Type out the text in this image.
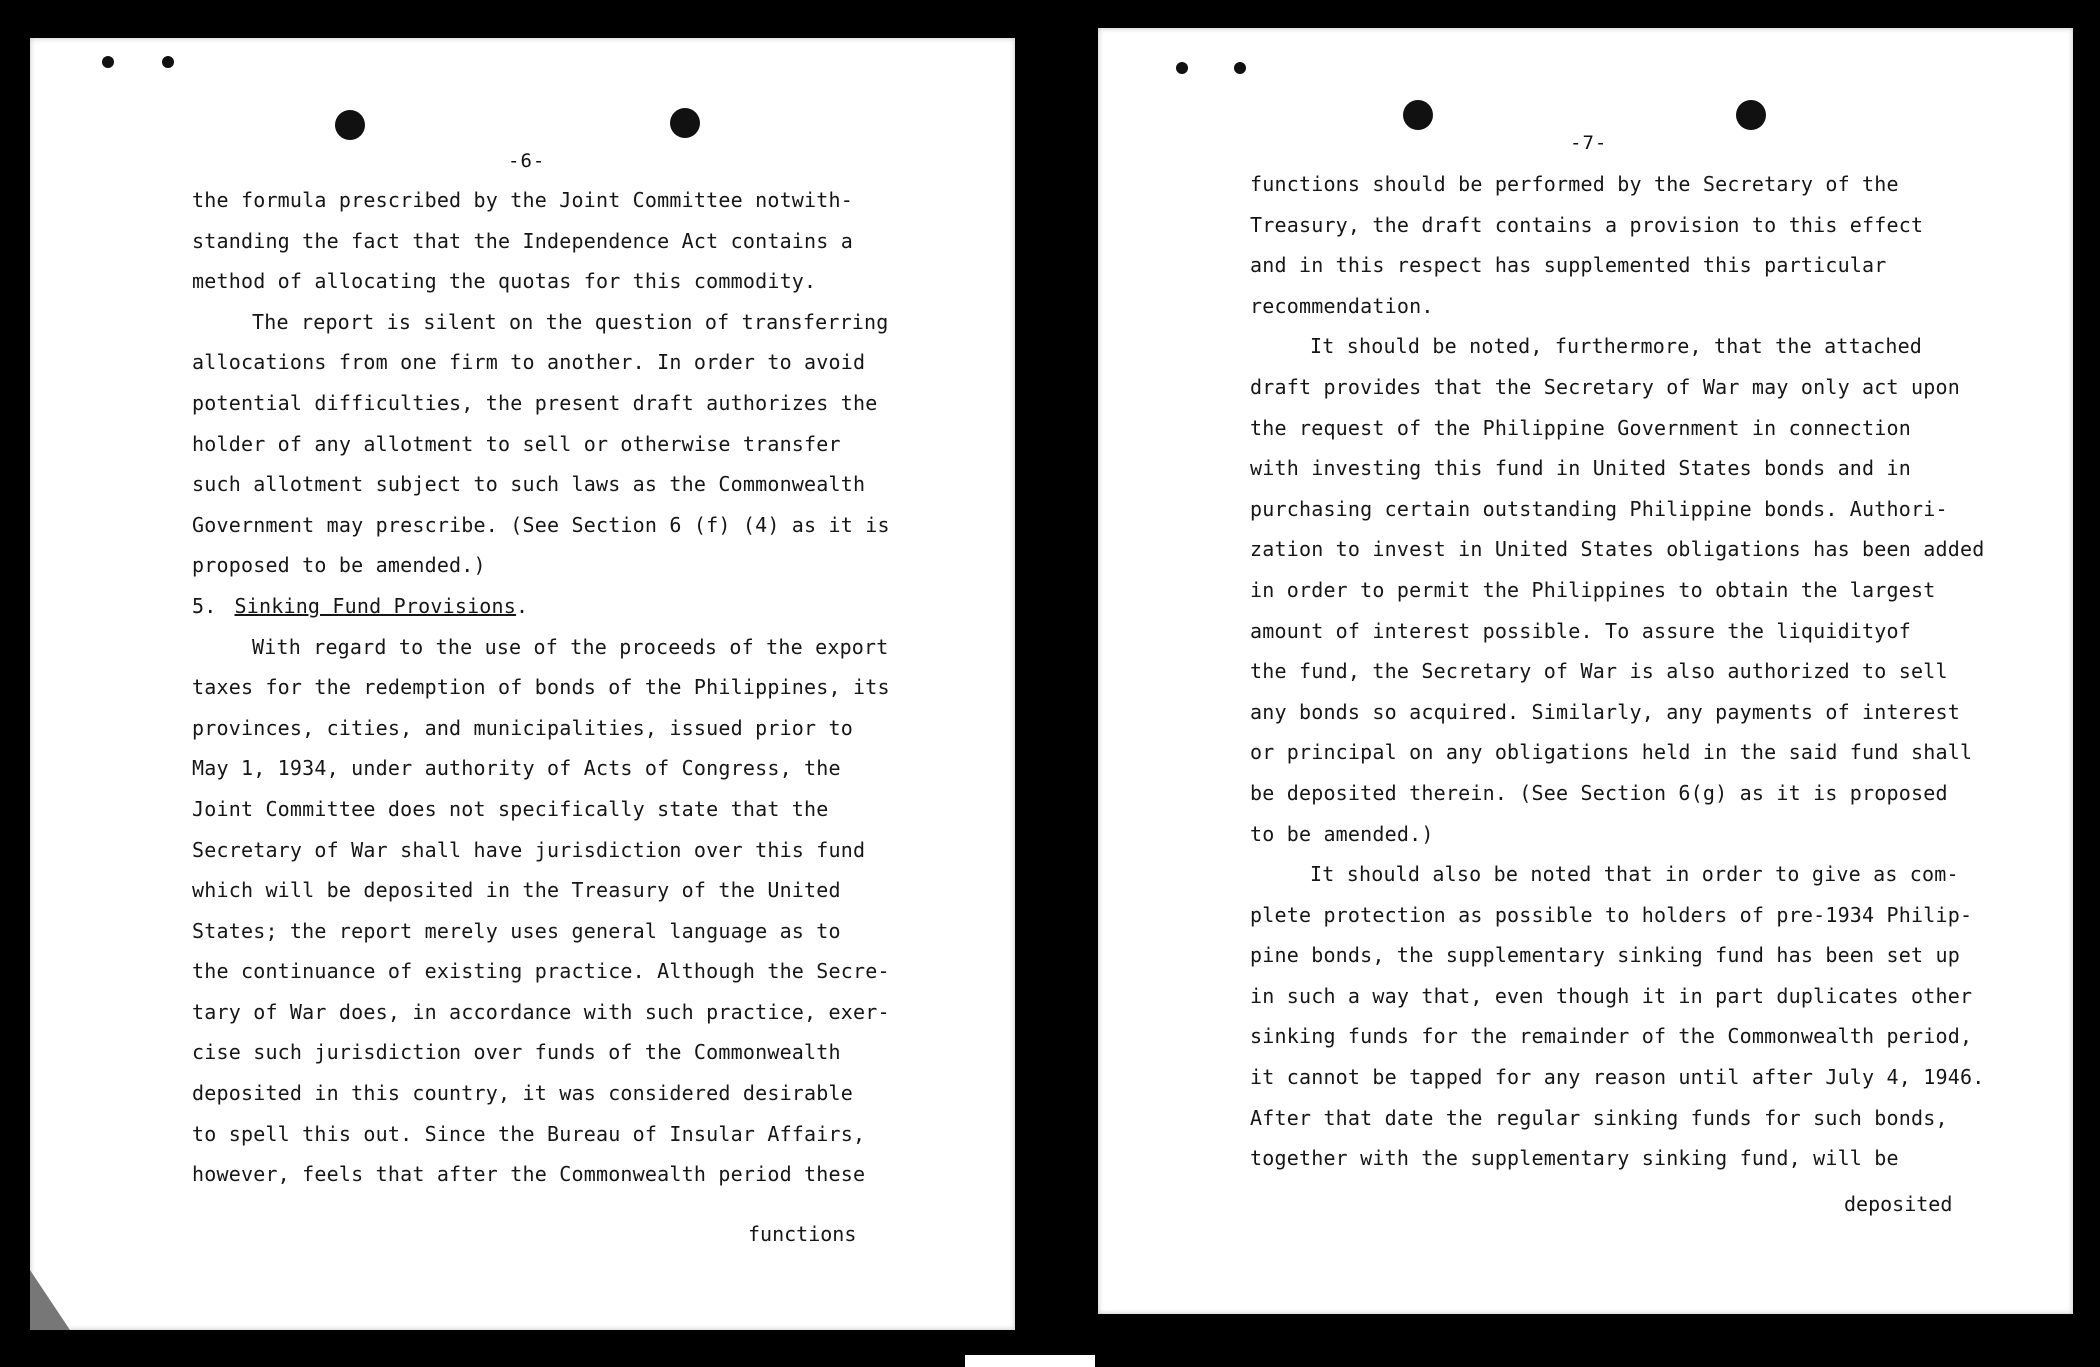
-6-
the formula prescribed by the Joint Committee notwith-
standing the fact that the Independence Act contains a
method of allocating the quotas for this commodity.
The report is silent on the question of transferring
allocations from one firm to another. In order to avoid
potential difficulties, the present draft authorizes the
holder of any allotment to sell or otherwise transfer
such allotment subject to such laws as the Commonwealth
Government may prescribe. (See Section 6 (f) (4) as it is
proposed to be amended.)
5. Sinking Fund Provisions.
With regard to the use of the proceeds of the export
taxes for the redemption of bonds of the Philippines, its
provinces, cities, and municipalities, issued prior to
May 1, 1934, under authority of Acts of Congress, the
Joint Committee does not specifically state that the
Secretary of War shall have jurisdiction over this fund
which will be deposited in the Treasury of the United
States; the report merely uses general language as to
the continuance of existing practice. Although the Secre-
tary of War does, in accordance with such practice, exer-
cise such jurisdiction over funds of the Commonwealth
deposited in this country, it was considered desirable
to spell this out. Since the Bureau of Insular Affairs,
however, feels that after the Commonwealth period these
functions
-7-
functions should be performed by the Secretary of the
Treasury, the draft contains a provision to this effect
and in this respect has supplemented this particular
recommendation.
It should be noted, furthermore, that the attached
draft provides that the Secretary of War may only act upon
the request of the Philippine Government in connection
with investing this fund in United States bonds and in
purchasing certain outstanding Philippine bonds. Authori-
zation to invest in United States obligations has been added
in order to permit the Philippines to obtain the largest
amount of interest possible. To assure the liquidityof
the fund, the Secretary of War is also authorized to sell
any bonds so acquired. Similarly, any payments of interest
or principal on any obligations held in the said fund shall
be deposited therein. (See Section 6(g) as it is proposed
to be amended.)
It should also be noted that in order to give as com-
plete protection as possible to holders of pre-1934 Philip-
pine bonds, the supplementary sinking fund has been set up
in such a way that, even though it in part duplicates other
sinking funds for the remainder of the Commonwealth period,
it cannot be tapped for any reason until after July 4, 1946.
After that date the regular sinking funds for such bonds,
together with the supplementary sinking fund, will be
deposited
